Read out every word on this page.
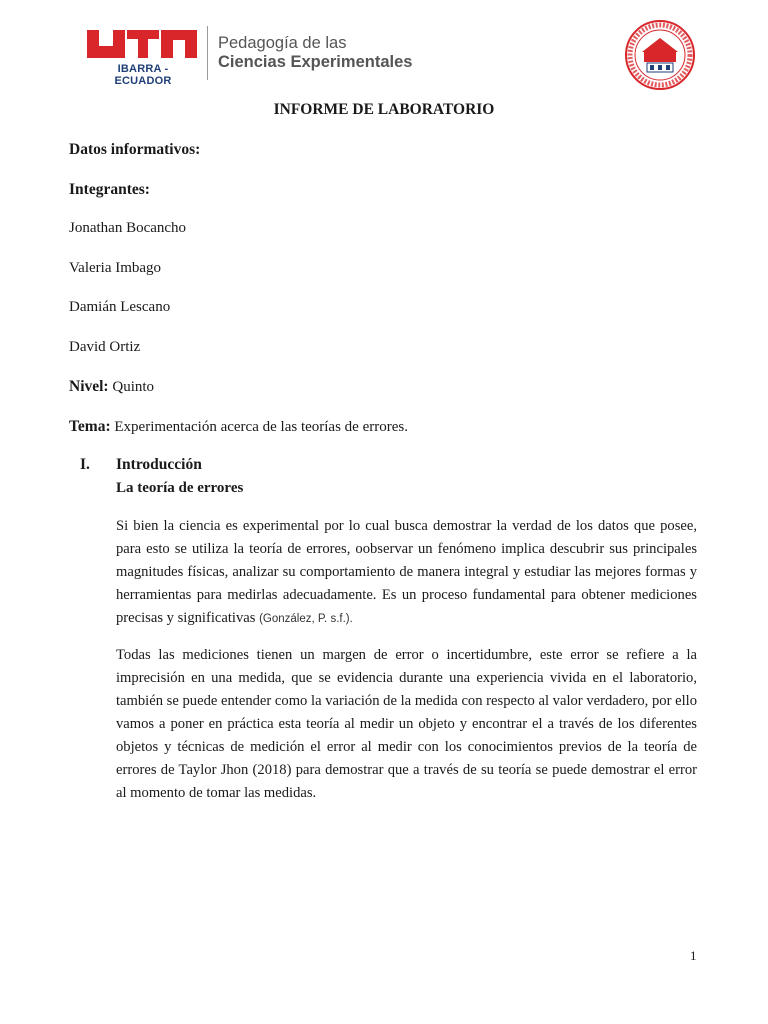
IBARRA - ECUADOR
Pedagogía de las
Ciencias Experimentales
INFORME DE LABORATORIO
Datos informativos:
Integrantes:
Jonathan Bocancho
Valeria Imbago
Damián Lescano
David Ortiz
Nivel: Quinto
Tema: Experimentación acerca de las teorías de errores.
I. Introducción
La teoría de errores
Si bien la ciencia es experimental por lo cual busca demostrar la verdad de los datos que posee, para esto se utiliza la teoría de errores, oobservar un fenómeno implica descubrir sus principales magnitudes físicas, analizar su comportamiento de manera integral y estudiar las mejores formas y herramientas para medirlas adecuadamente. Es un proceso fundamental para obtener mediciones precisas y significativas (González, P. s.f.).
Todas las mediciones tienen un margen de error o incertidumbre, este error se refiere a la imprecisión en una medida, que se evidencia durante una experiencia vivida en el laboratorio, también se puede entender como la variación de la medida con respecto al valor verdadero, por ello vamos a poner en práctica esta teoría al medir un objeto y encontrar el a través de los diferentes objetos y técnicas de medición el error al medir con los conocimientos previos de la teoría de errores de Taylor Jhon (2018) para demostrar que a través de su teoría se puede demostrar el error al momento de tomar las medidas.
1
